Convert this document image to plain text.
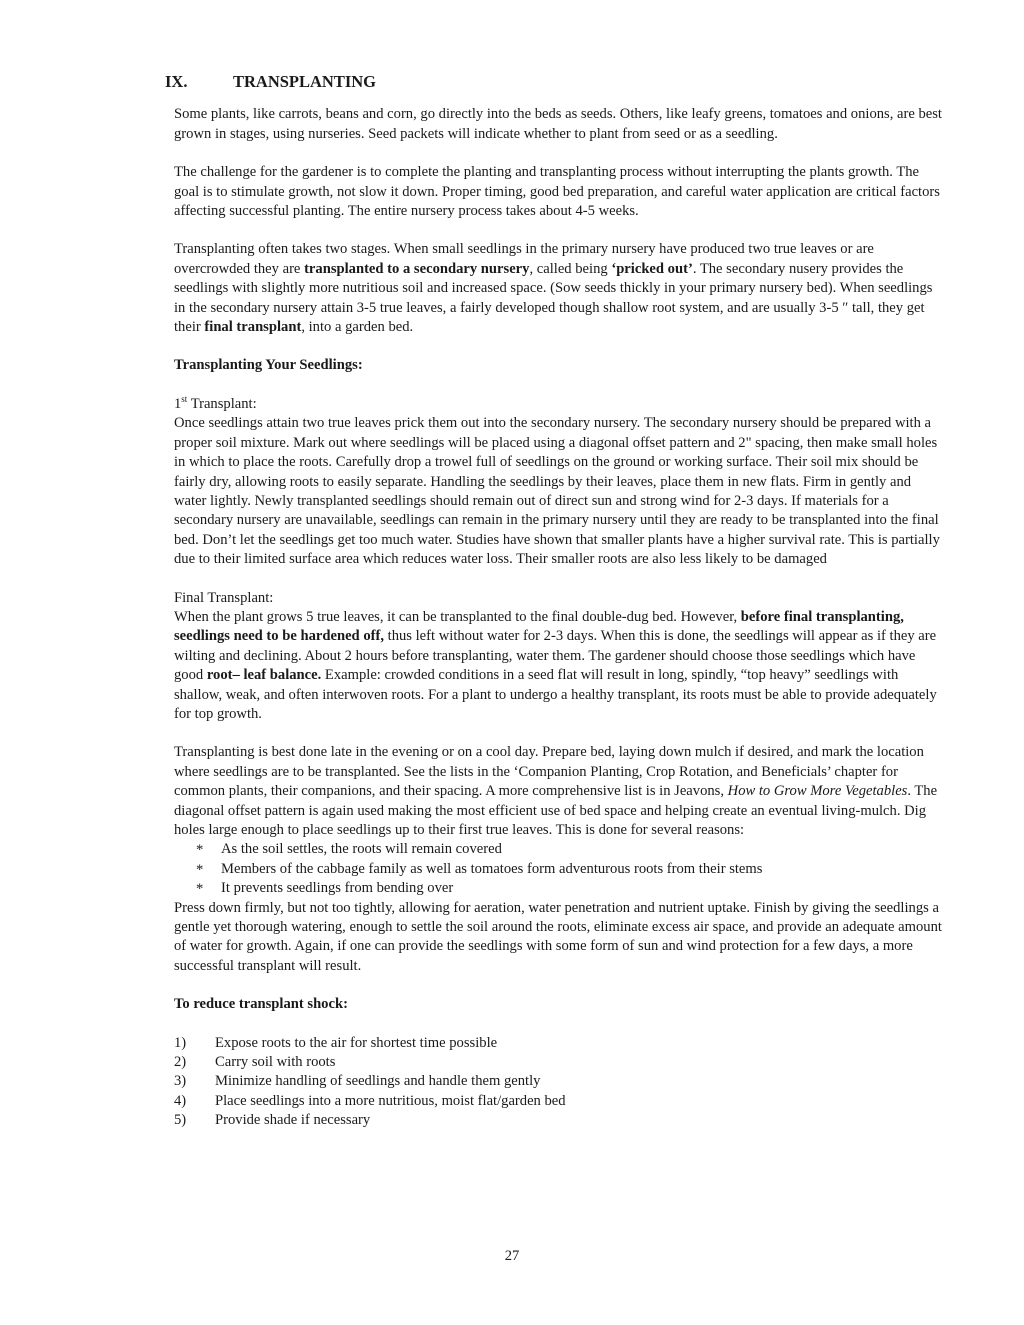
IX.	TRANSPLANTING

Some plants, like carrots, beans and corn, go directly into the beds as seeds. Others, like leafy greens, tomatoes and onions, are best grown in stages, using nurseries. Seed packets will indicate whether to plant from seed or as a seedling.

The challenge for the gardener is to complete the planting and transplanting process without interrupting the plants growth. The goal is to stimulate growth, not slow it down. Proper timing, good bed preparation, and careful water application are critical factors affecting successful planting. The entire nursery process takes about 4-5 weeks.

Transplanting often takes two stages. When small seedlings in the primary nursery have produced two true leaves or are overcrowded they are transplanted to a secondary nursery, called being ‘pricked out’. The secondary nusery provides the seedlings with slightly more nutritious soil and increased space. (Sow seeds thickly in your primary nursery bed). When seedlings in the secondary nursery attain 3-5 true leaves, a fairly developed though shallow root system, and are usually 3-5 ″ tall, they get their final transplant, into a garden bed.

Transplanting Your Seedlings:

1st Transplant:

Once seedlings attain two true leaves prick them out into the secondary nursery. The secondary nursery should be prepared with a proper soil mixture. Mark out where seedlings will be placed using a diagonal offset pattern and 2" spacing, then make small holes in which to place the roots. Carefully drop a trowel full of seedlings on the ground or working surface. Their soil mix should be fairly dry, allowing roots to easily separate. Handling the seedlings by their leaves, place them in new flats. Firm in gently and water lightly. Newly transplanted seedlings should remain out of direct sun and strong wind for 2-3 days. If materials for a secondary nursery are unavailable, seedlings can remain in the primary nursery until they are ready to be transplanted into the final bed. Don’t let the seedlings get too much water. Studies have shown that smaller plants have a higher survival rate. This is partially due to their limited surface area which reduces water loss. Their smaller roots are also less likely to be damaged

Final Transplant:

When the plant grows 5 true leaves, it can be transplanted to the final double-dug bed. However, before final transplanting, seedlings need to be hardened off, thus left without water for 2-3 days. When this is done, the seedlings will appear as if they are wilting and declining. About 2 hours before transplanting, water them. The gardener should choose those seedlings which have good root– leaf balance. Example: crowded conditions in a seed flat will result in long, spindly, “top heavy” seedlings with shallow, weak, and often interwoven roots. For a plant to undergo a healthy transplant, its roots must be able to provide adequately for top growth.

Transplanting is best done late in the evening or on a cool day. Prepare bed, laying down mulch if desired, and mark the location where seedlings are to be transplanted. See the lists in the ‘Companion Planting, Crop Rotation, and Beneficials’ chapter for common plants, their companions, and their spacing. A more comprehensive list is in Jeavons, How to Grow More Vegetables. The diagonal offset pattern is again used making the most efficient use of bed space and helping create an eventual living-mulch. Dig holes large enough to place seedlings up to their first true leaves. This is done for several reasons:

* As the soil settles, the roots will remain covered
* Members of the cabbage family as well as tomatoes form adventurous roots from their stems
* It prevents seedlings from bending over

Press down firmly, but not too tightly, allowing for aeration, water penetration and nutrient uptake. Finish by giving the seedlings a gentle yet thorough watering, enough to settle the soil around the roots, eliminate excess air space, and provide an adequate amount of water for growth. Again, if one can provide the seedlings with some form of sun and wind protection for a few days, a more successful transplant will result.

To reduce transplant shock:

1)	Expose roots to the air for shortest time possible
2)	Carry soil with roots
3)	Minimize handling of seedlings and handle them gently
4)	Place seedlings into a more nutritious, moist flat/garden bed
5)	Provide shade if necessary
27
